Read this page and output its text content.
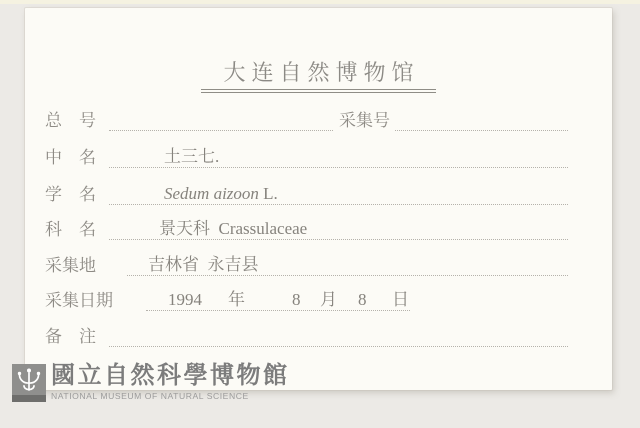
大连自然博物馆
总　号	采集号
中　名	土三七.
学　名	Sedum aizoon L.
科　名	景天科  Crassulaceae
采集地	吉林省  永吉县
采集日期	1994 年	8 月 8 日
备　注
國立自然科學博物館
NATIONAL MUSEUM OF NATURAL SCIENCE
